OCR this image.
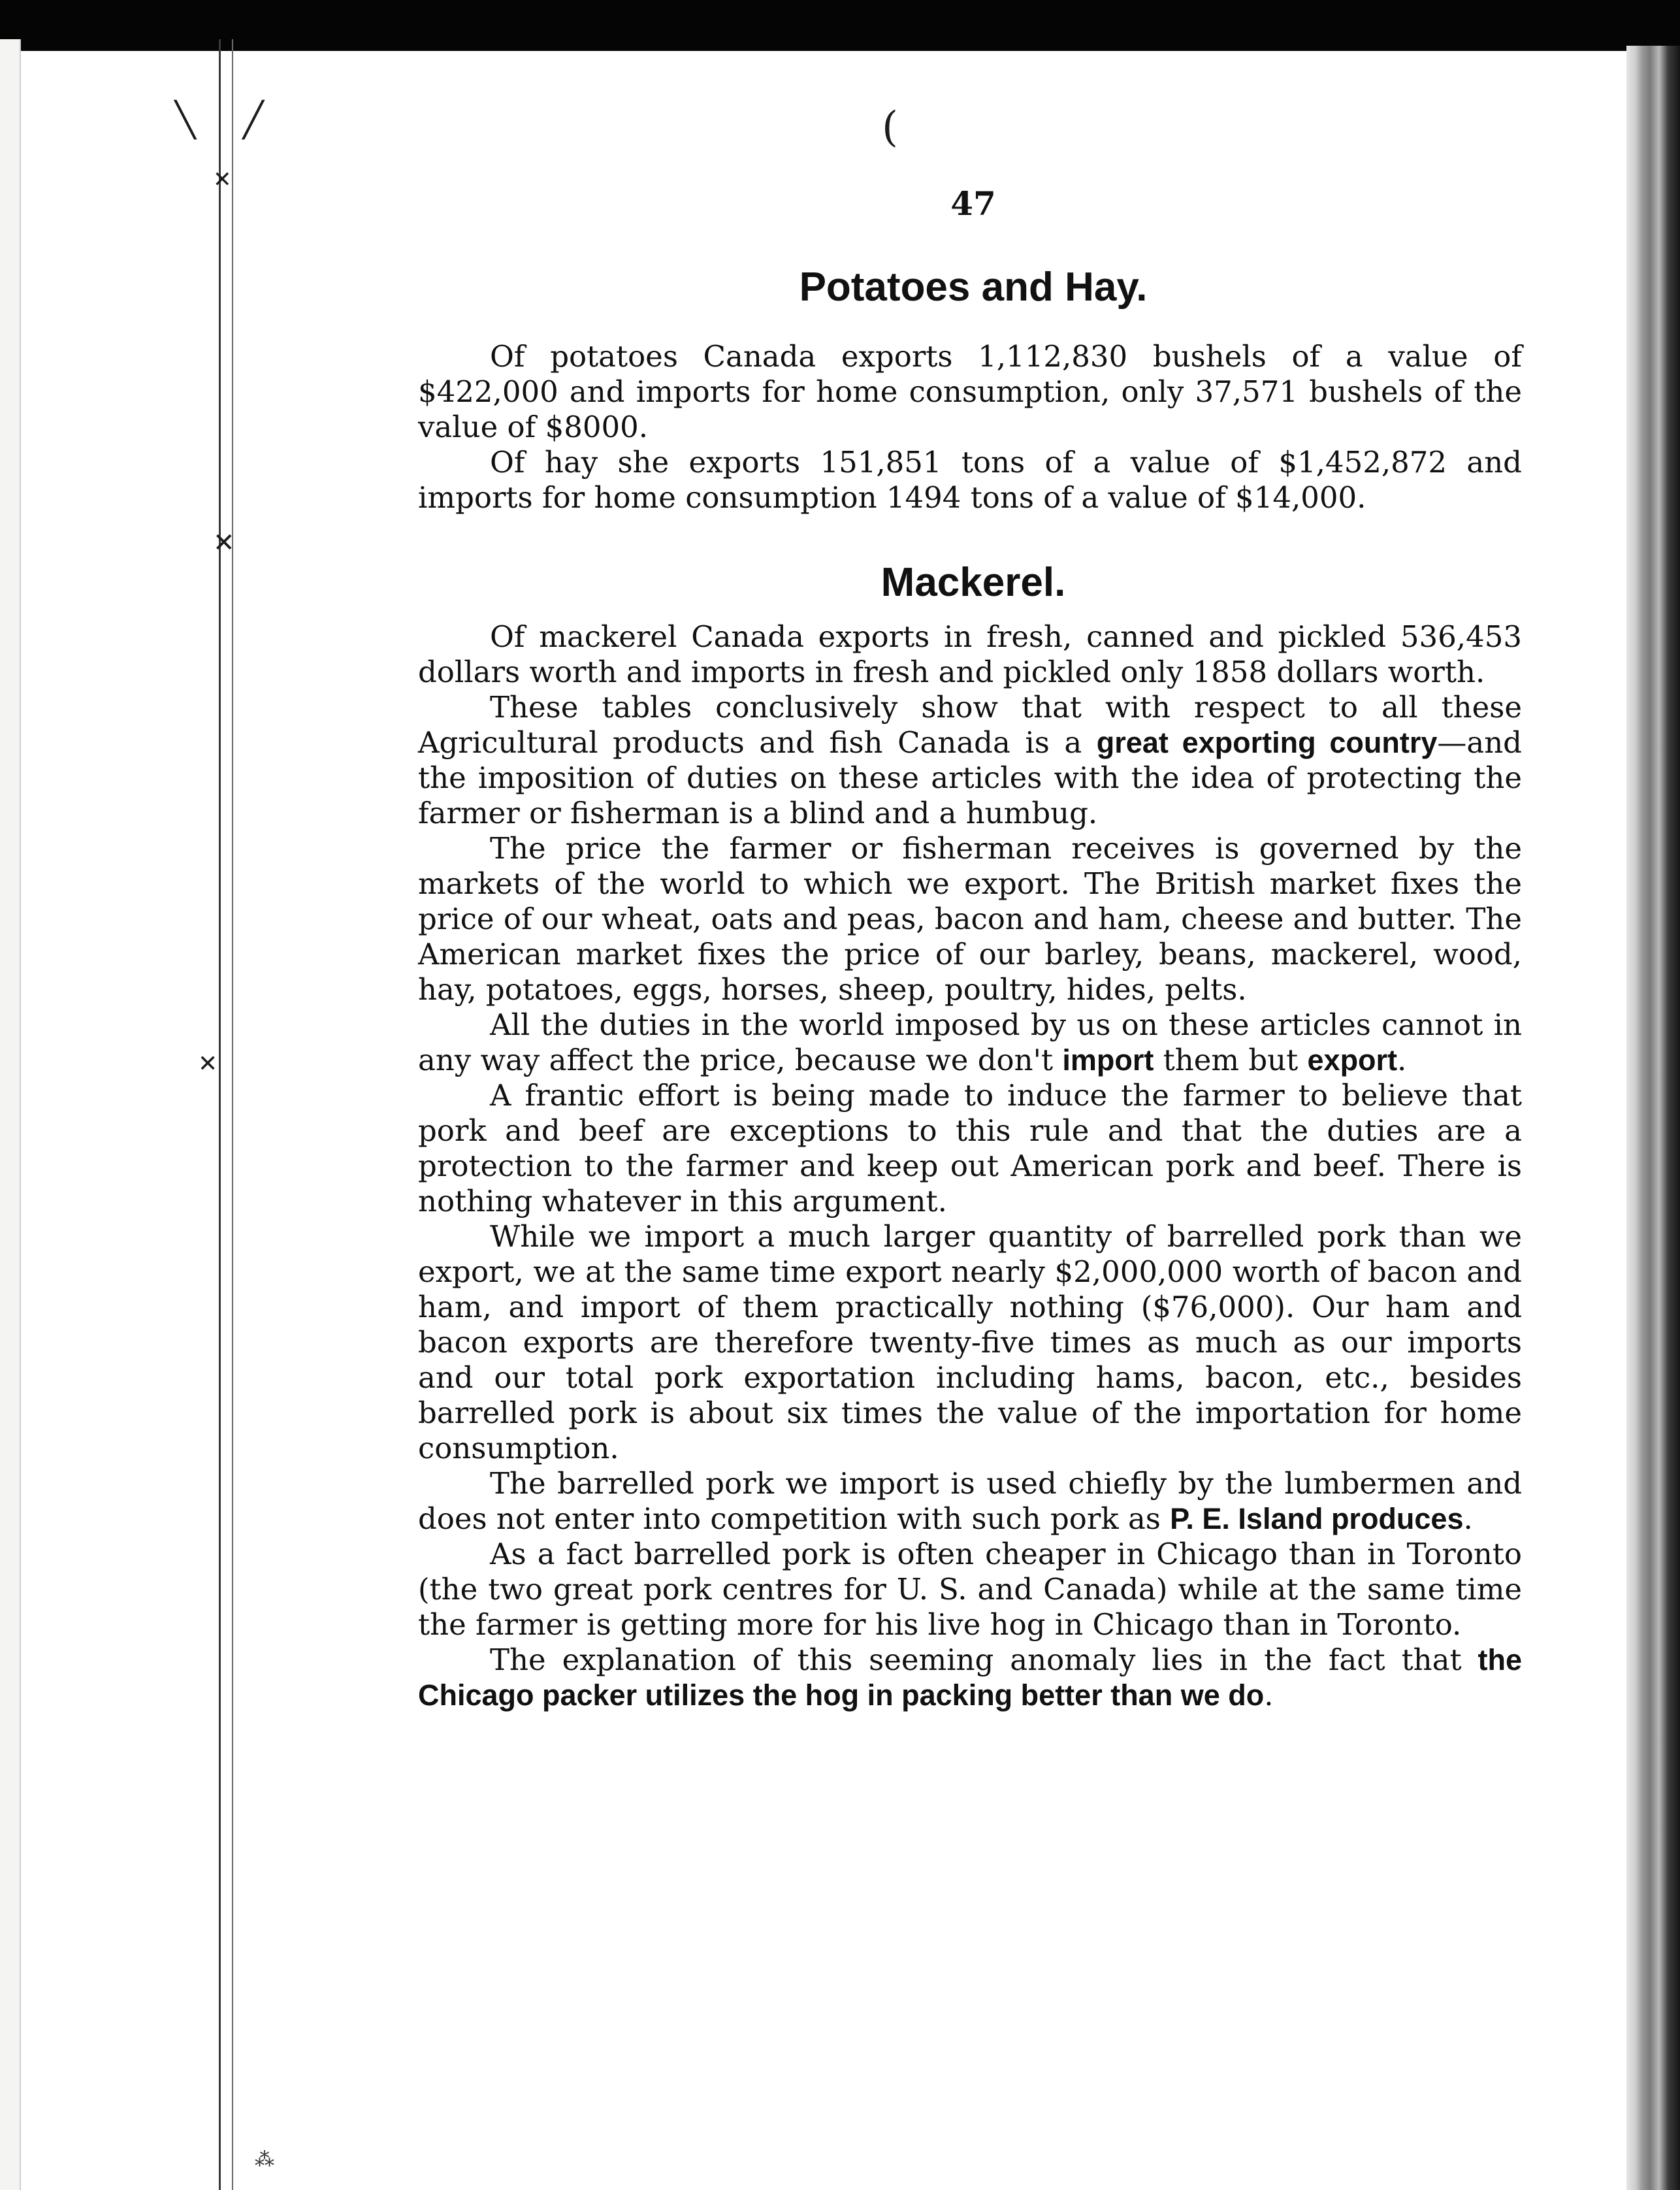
✕
✕
✕
╲ ╱	(
47
Potatoes and Hay.

Of potatoes Canada exports 1,112,830 bushels of a value of $422,000 and imports for home consumption, only 37,571 bushels of the value of $8000.

Of hay she exports 151,851 tons of a value of $1,452,872 and imports for home consumption 1494 tons of a value of $14,000.

Mackerel.

Of mackerel Canada exports in fresh, canned and pickled 536,453 dollars worth and imports in fresh and pickled only 1858 dollars worth.

These tables conclusively show that with respect to all these Agricultural products and fish Canada is a great exporting country—and the imposition of duties on these articles with the idea of protecting the farmer or fisherman is a blind and a humbug.

The price the farmer or fisherman receives is governed by the markets of the world to which we export. The British market fixes the price of our wheat, oats and peas, bacon and ham, cheese and butter. The American market fixes the price of our barley, beans, mackerel, wood, hay, potatoes, eggs, horses, sheep, poultry, hides, pelts.

All the duties in the world imposed by us on these articles cannot in any way affect the price, because we don't import them but export.

A frantic effort is being made to induce the farmer to believe that pork and beef are exceptions to this rule and that the duties are a protection to the farmer and keep out American pork and beef. There is nothing whatever in this argument.

While we import a much larger quantity of barrelled pork than we export, we at the same time export nearly $2,000,000 worth of bacon and ham, and import of them practically nothing ($76,000). Our ham and bacon exports are therefore twenty-five times as much as our imports and our total pork exportation including hams, bacon, etc., besides barrelled pork is about six times the value of the importation for home consumption.

The barrelled pork we import is used chiefly by the lumbermen and does not enter into competition with such pork as P. E. Island produces.

As a fact barrelled pork is often cheaper in Chicago than in Toronto (the two great pork centres for U. S. and Canada) while at the same time the farmer is getting more for his live hog in Chicago than in Toronto.

The explanation of this seeming anomaly lies in the fact that the Chicago packer utilizes the hog in packing better than we do.

⁂
